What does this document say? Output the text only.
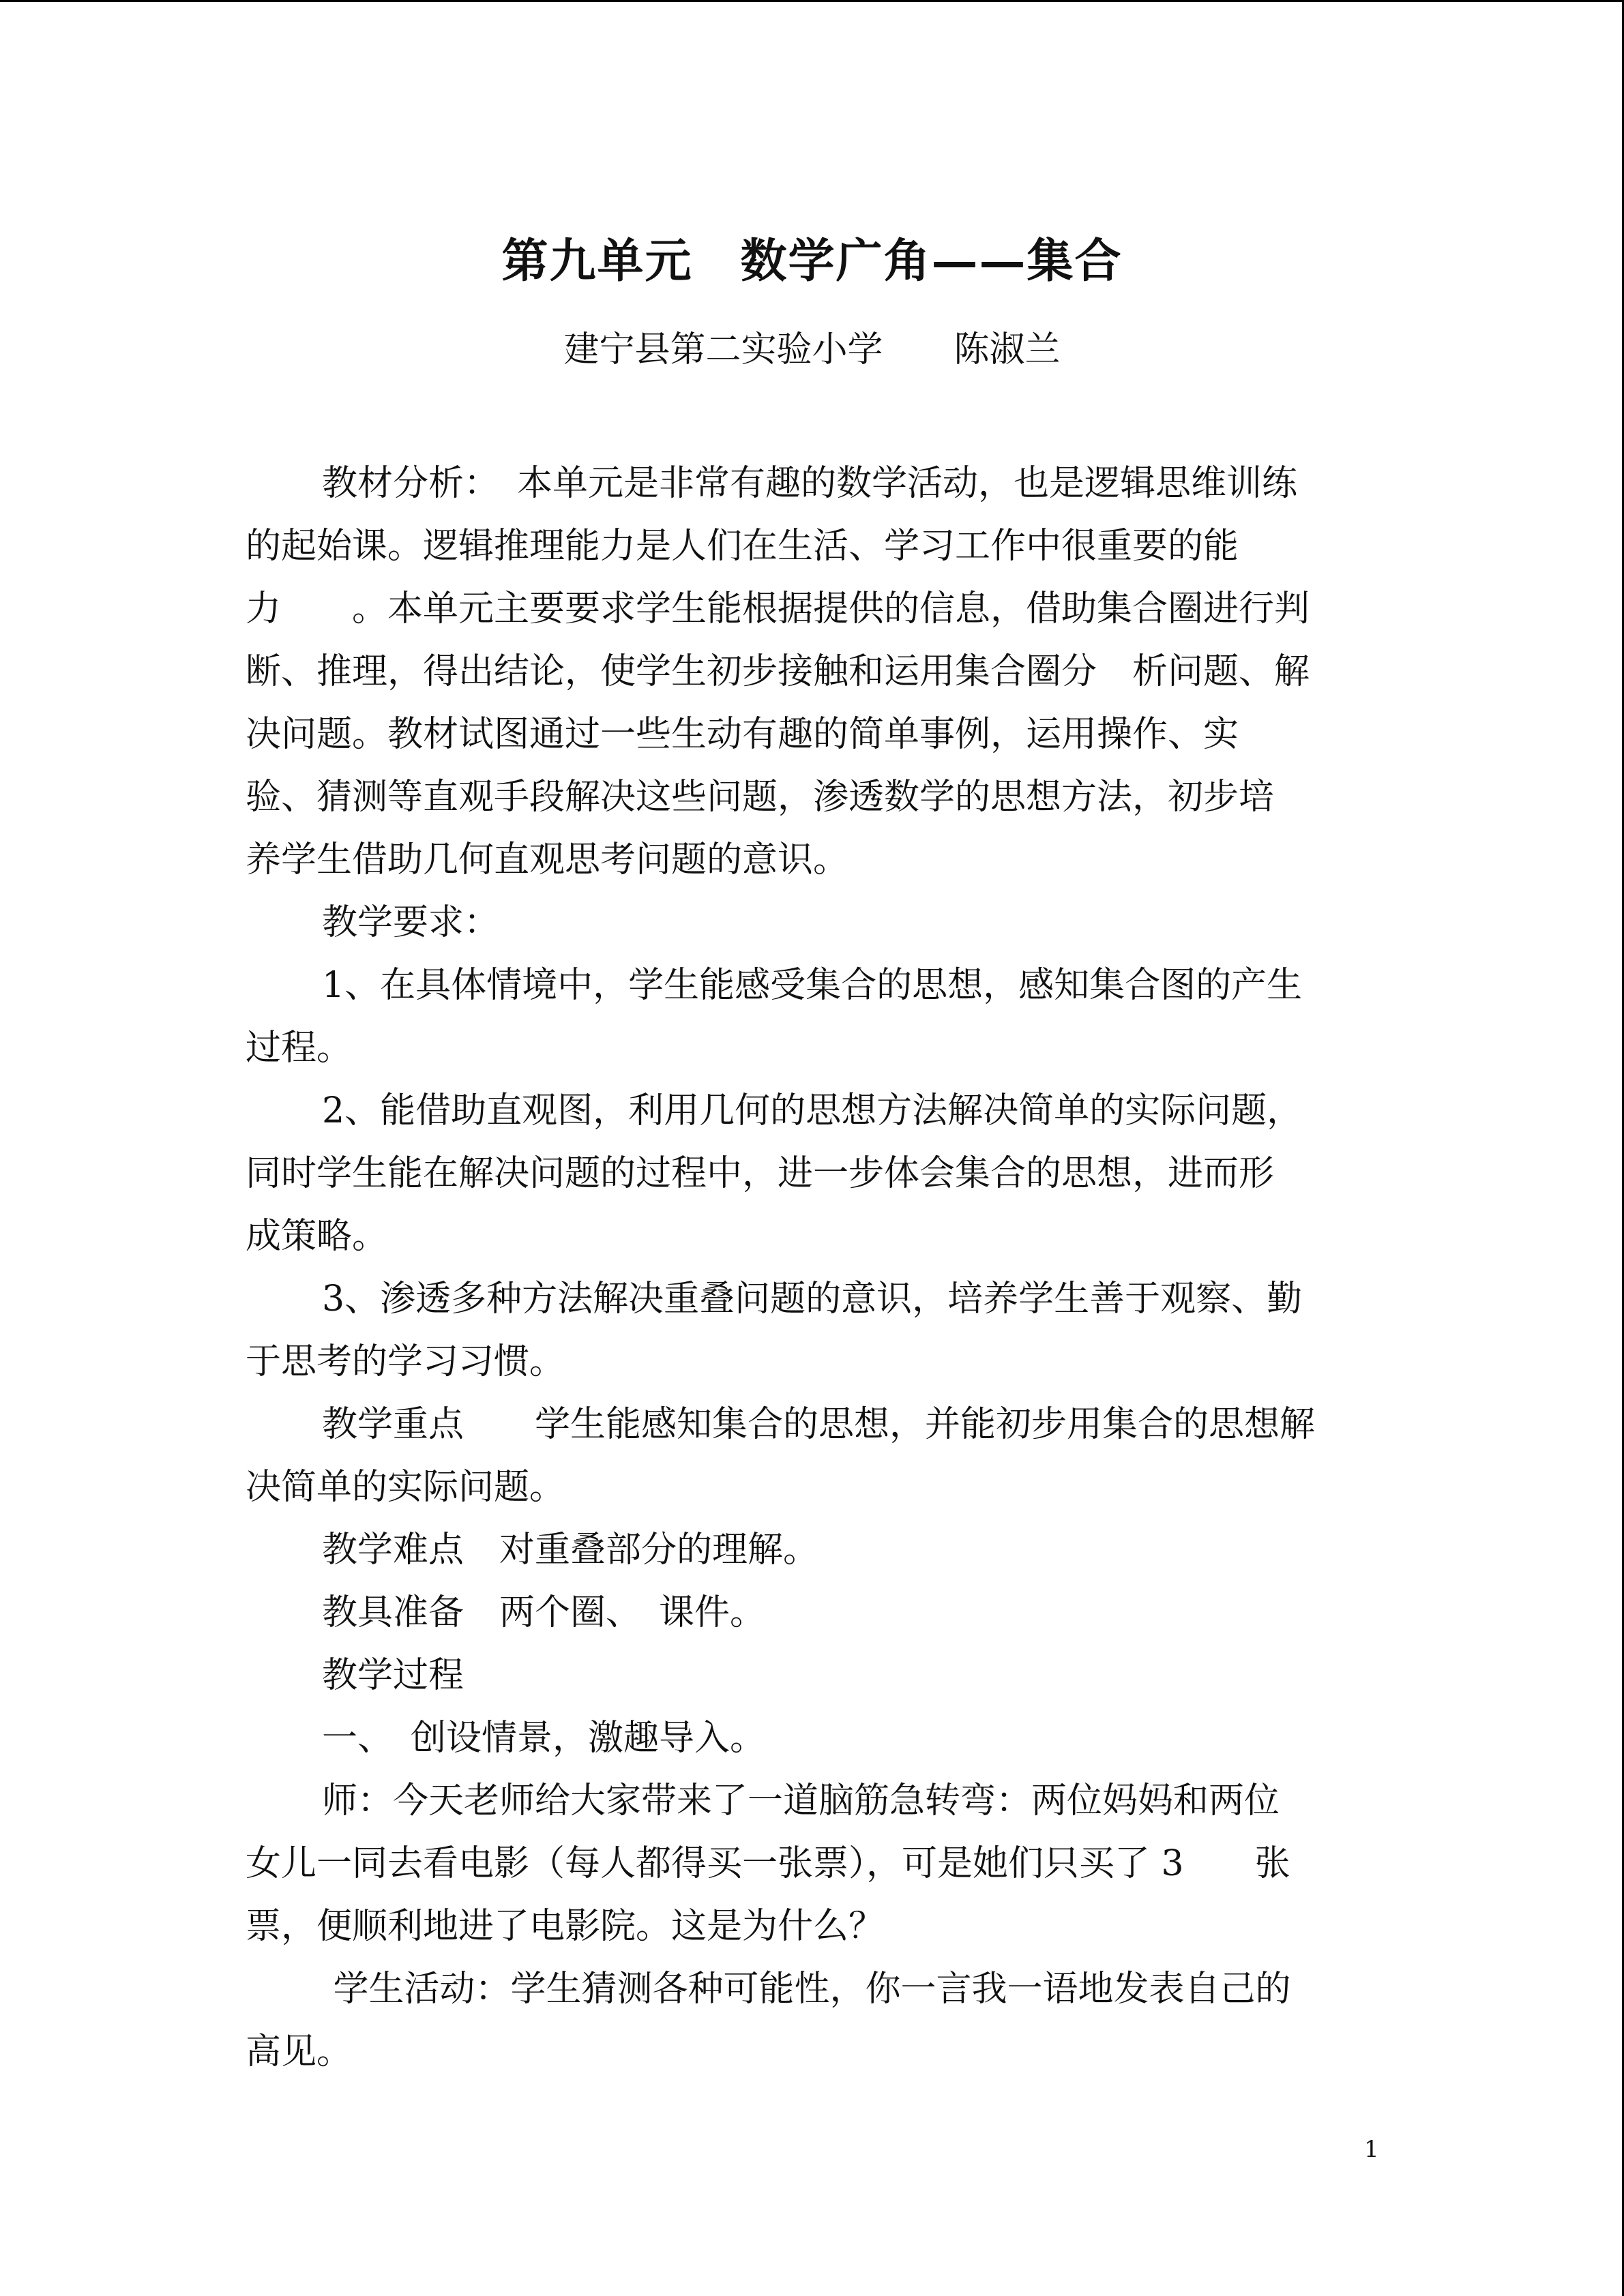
第九单元　数学广角——集合
建宁县第二实验小学　　陈淑兰
教材分析：　本单元是非常有趣的数学活动，也是逻辑思维训练
的起始课。逻辑推理能力是人们在生活、学习工作中很重要的能
力　　。本单元主要要求学生能根据提供的信息，借助集合圈进行判
断、推理，得出结论，使学生初步接触和运用集合圈分　析问题、解
决问题。教材试图通过一些生动有趣的简单事例，运用操作、实
验、猜测等直观手段解决这些问题，渗透数学的思想方法，初步培
养学生借助几何直观思考问题的意识。
教学要求：
1、在具体情境中，学生能感受集合的思想，感知集合图的产生
过程。
2、能借助直观图，利用几何的思想方法解决简单的实际问题，
同时学生能在解决问题的过程中，进一步体会集合的思想，进而形
成策略。
3、渗透多种方法解决重叠问题的意识，培养学生善于观察、勤
于思考的学习习惯。
教学重点　　学生能感知集合的思想，并能初步用集合的思想解
决简单的实际问题。
教学难点　对重叠部分的理解。
教具准备　两个圈、　课件。
教学过程
一、　创设情景，激趣导入。
师：今天老师给大家带来了一道脑筋急转弯：两位妈妈和两位
女儿一同去看电影（每人都得买一张票），可是她们只买了 3　　张
票，便顺利地进了电影院。这是为什么？
学生活动：学生猜测各种可能性，你一言我一语地发表自己的
高见。
1
